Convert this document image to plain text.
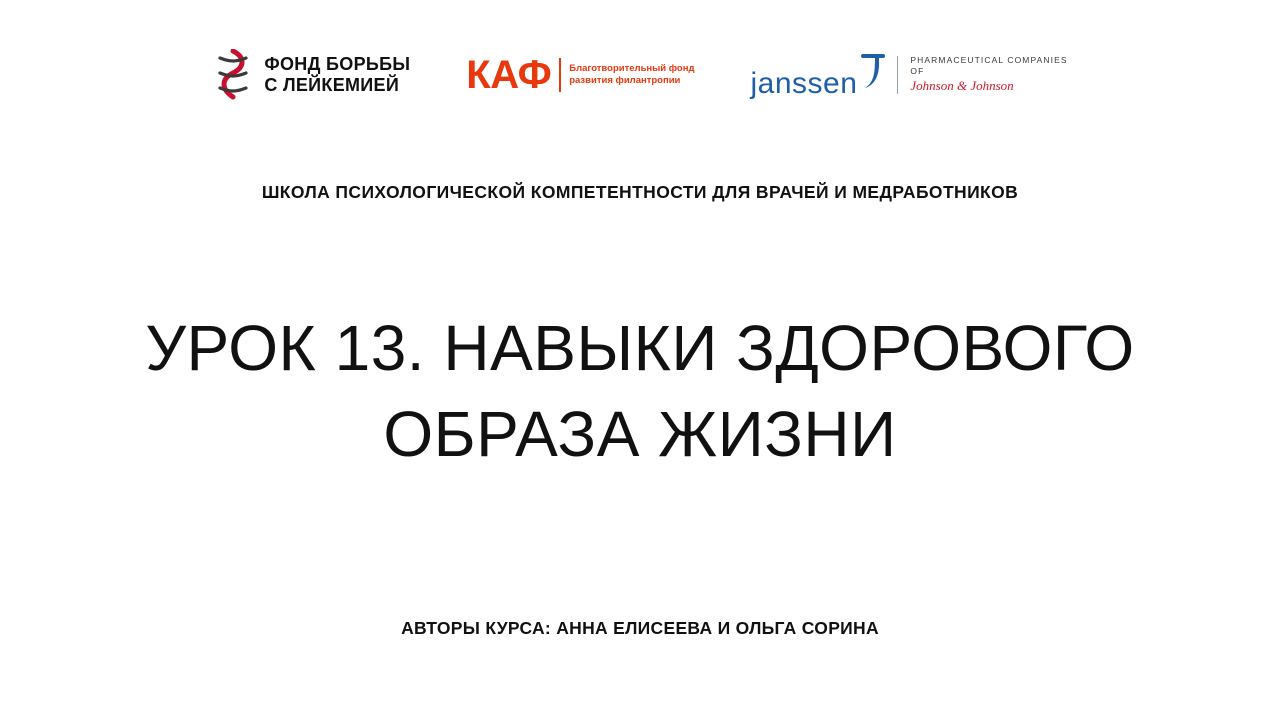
ФОНД БОРЬБЫ
С ЛЕЙКЕМИЕЙ КАФ Благотворительный фонд
развития филантропии	janssen
PHARMACEUTICAL COMPANIES
OF
Johnson & Johnson
ШКОЛА ПСИХОЛОГИЧЕСКОЙ КОМПЕТЕНТНОСТИ ДЛЯ ВРАЧЕЙ И МЕДРАБОТНИКОВ
УРОК 13. НАВЫКИ ЗДОРОВОГО
ОБРАЗА ЖИЗНИ
АВТОРЫ КУРСА: АННА ЕЛИСЕЕВА И ОЛЬГА СОРИНА
